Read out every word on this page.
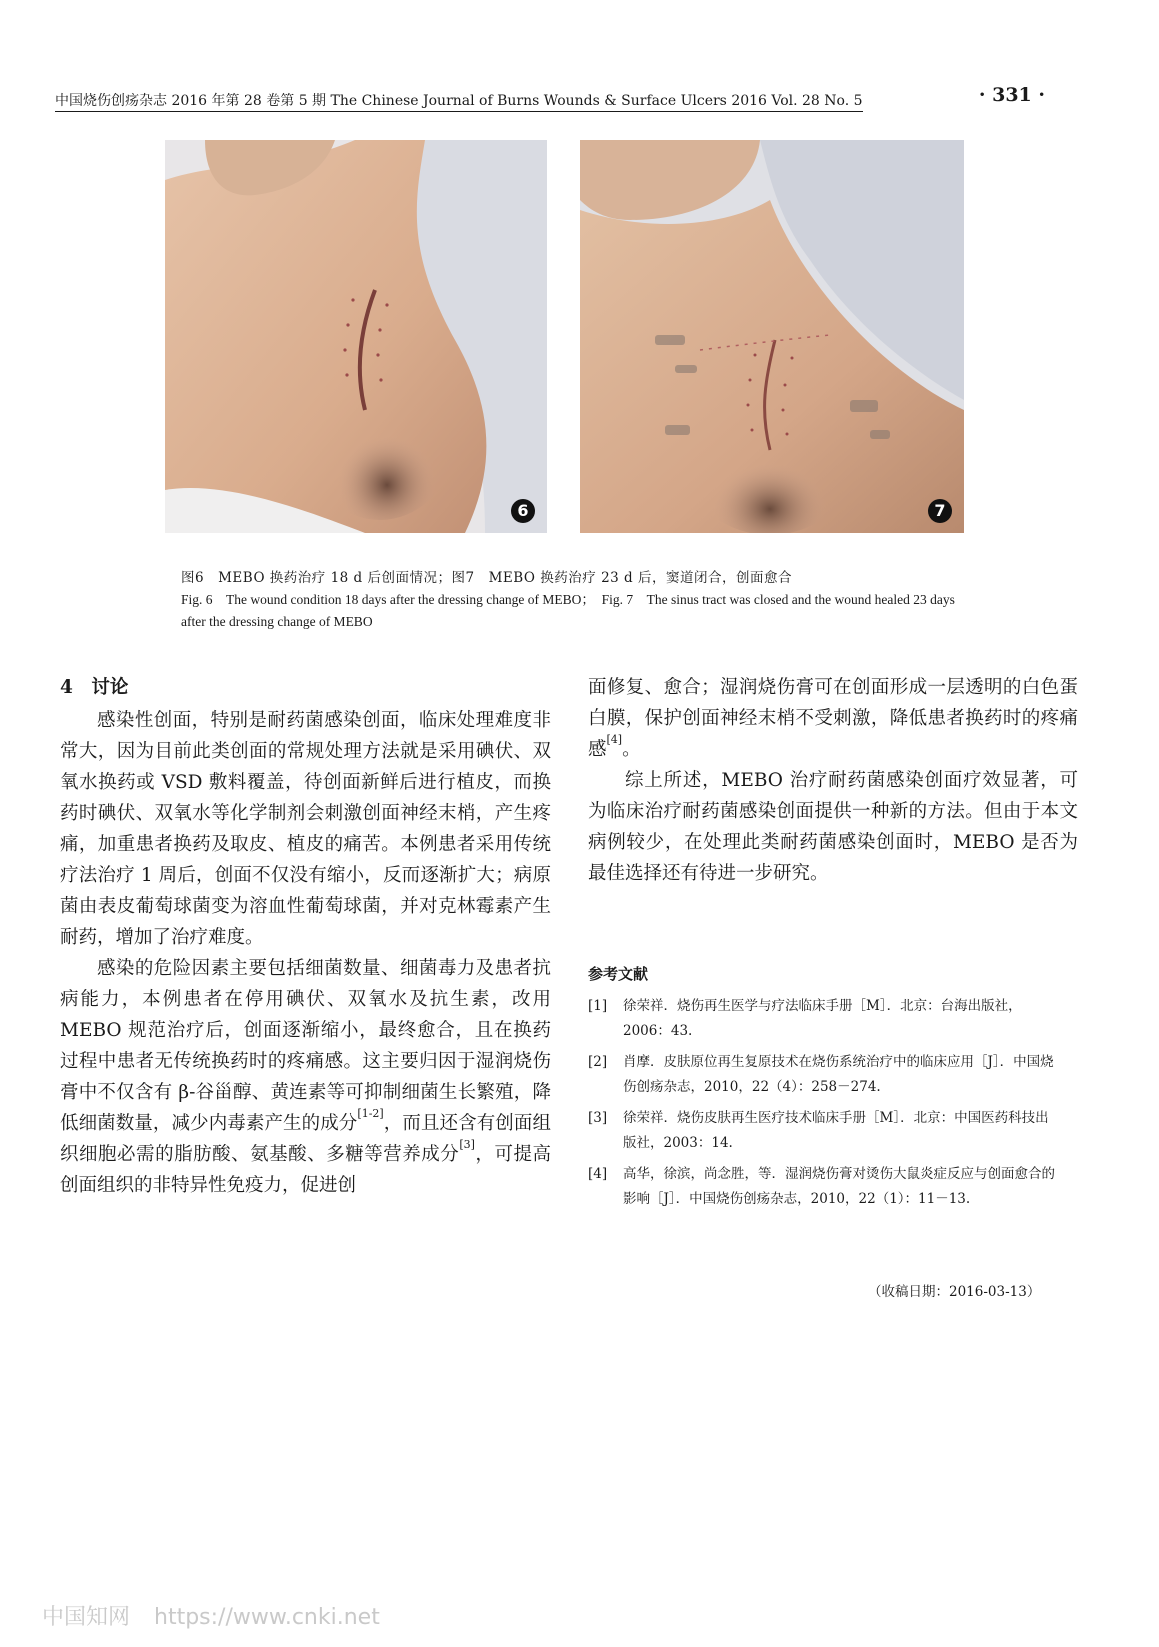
中国烧伤创疡杂志 2016 年第 28 卷第 5 期 The Chinese Journal of Burns Wounds & Surface Ulcers 2016 Vol. 28 No. 5	· 331 ·
6	7
图6　MEBO 换药治疗 18 d 后创面情况；图7　MEBO 换药治疗 23 d 后，窦道闭合，创面愈合
Fig. 6　The wound condition 18 days after the dressing change of MEBO；　Fig. 7　The sinus tract was closed and the wound healed 23 days after the dressing change of MEBO

4　讨论

感染性创面，特别是耐药菌感染创面，临床处理难度非常大，因为目前此类创面的常规处理方法就是采用碘伏、双氧水换药或 VSD 敷料覆盖，待创面新鲜后进行植皮，而换药时碘伏、双氧水等化学制剂会刺激创面神经末梢，产生疼痛，加重患者换药及取皮、植皮的痛苦。本例患者采用传统疗法治疗 1 周后，创面不仅没有缩小，反而逐渐扩大；病原菌由表皮葡萄球菌变为溶血性葡萄球菌，并对克林霉素产生耐药，增加了治疗难度。

感染的危险因素主要包括细菌数量、细菌毒力及患者抗病能力，本例患者在停用碘伏、双氧水及抗生素，改用 MEBO 规范治疗后，创面逐渐缩小，最终愈合，且在换药过程中患者无传统换药时的疼痛感。这主要归因于湿润烧伤膏中不仅含有 β-谷甾醇、黄连素等可抑制细菌生长繁殖，降低细菌数量，减少内毒素产生的成分[1-2]，而且还含有创面组织细胞必需的脂肪酸、氨基酸、多糖等营养成分[3]，可提高创面组织的非特异性免疫力，促进创

面修复、愈合；湿润烧伤膏可在创面形成一层透明的白色蛋白膜，保护创面神经末梢不受刺激，降低患者换药时的疼痛感[4]。

综上所述，MEBO 治疗耐药菌感染创面疗效显著，可为临床治疗耐药菌感染创面提供一种新的方法。但由于本文病例较少，在处理此类耐药菌感染创面时，MEBO 是否为最佳选择还有待进一步研究。

参考文献
[1] 徐荣祥．烧伤再生医学与疗法临床手册［M］．北京：台海出版社，2006：43.
[2] 肖摩．皮肤原位再生复原技术在烧伤系统治疗中的临床应用［J］．中国烧伤创疡杂志，2010，22（4）：258－274.
[3] 徐荣祥．烧伤皮肤再生医疗技术临床手册［M］．北京：中国医药科技出版社，2003：14.
[4] 高华，徐滨，尚念胜，等．湿润烧伤膏对烫伤大鼠炎症反应与创面愈合的影响［J］．中国烧伤创疡杂志，2010，22（1）：11－13.
（收稿日期：2016-03-13）
中国知网 https://www.cnki.net
